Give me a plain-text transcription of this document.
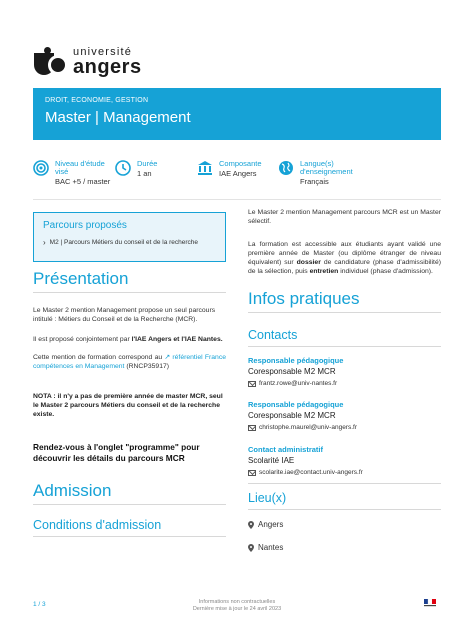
université
angers
DROIT, ECONOMIE, GESTION
Master | Management
Niveau d'étude visé
BAC +5 / master
Durée
1 an
Composante
IAE Angers
Langue(s) d'enseignement
Français
Parcours proposés
› M2 | Parcours Métiers du conseil et de la recherche
Présentation
Le Master 2 mention Management propose un seul parcours intitulé : Métiers du Conseil et de la Recherche (MCR).
Il est proposé conjointement par l'IAE Angers et l'IAE Nantes.
Cette mention de formation correspond au ↗ référentiel France compétences en Management (RNCP35917)
NOTA : il n'y a pas de première année de master MCR, seul le Master 2 parcours Métiers du conseil et de la recherche existe.
Rendez-vous à l'onglet "programme" pour découvrir les détails du parcours MCR
Admission
Conditions d'admission
Le Master 2 mention Management parcours MCR est un Master sélectif.
La formation est accessible aux étudiants ayant validé une première année de Master (ou diplôme étranger de niveau équivalent) sur dossier de candidature (phase d'admissibilité) de la sélection, puis entretien individuel (phase d'admission).
Infos pratiques
Contacts
Responsable pédagogique
Coresponsable M2 MCR
frantz.rowe@univ-nantes.fr
Responsable pédagogique
Coresponsable M2 MCR
christophe.maurel@univ-angers.fr
Contact administratif
Scolarité IAE
scolarite.iae@contact.univ-angers.fr
Lieu(x)
Angers
Nantes
1 / 3	Informations non contractuelles
Dernière mise à jour le 24 avril 2023
